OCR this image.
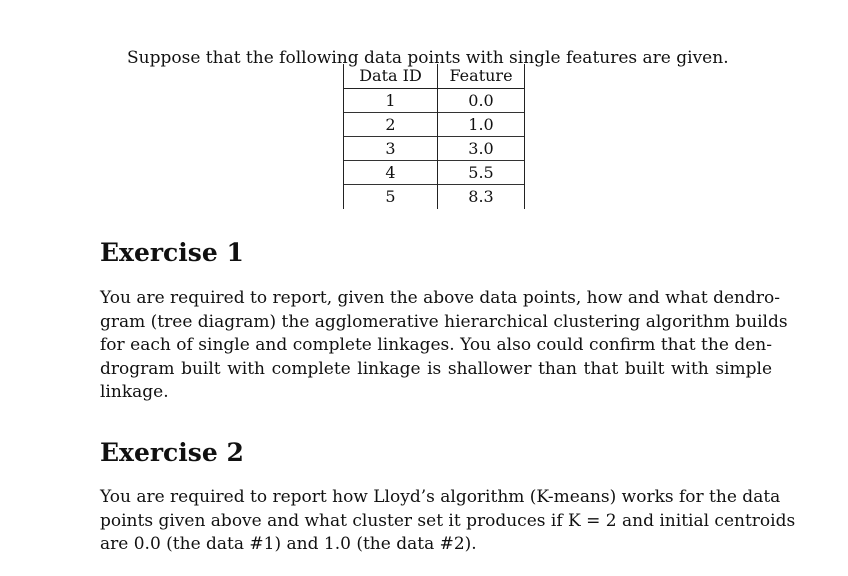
Suppose that the following data points with single features are given.

Data ID	Feature
1	0.0
2	1.0
3	3.0
4	5.5
5	8.3
Exercise 1
You are required to report, given the above data points, how and what dendro-
gram (tree diagram) the agglomerative hierarchical clustering algorithm builds
for each of single and complete linkages. You also could confirm that the den-
drogram built with complete linkage is shallower than that built with simple
linkage.
Exercise 2
You are required to report how Lloyd’s algorithm (K-means) works for the data
points given above and what cluster set it produces if K = 2 and initial centroids
are 0.0 (the data #1) and 1.0 (the data #2).
